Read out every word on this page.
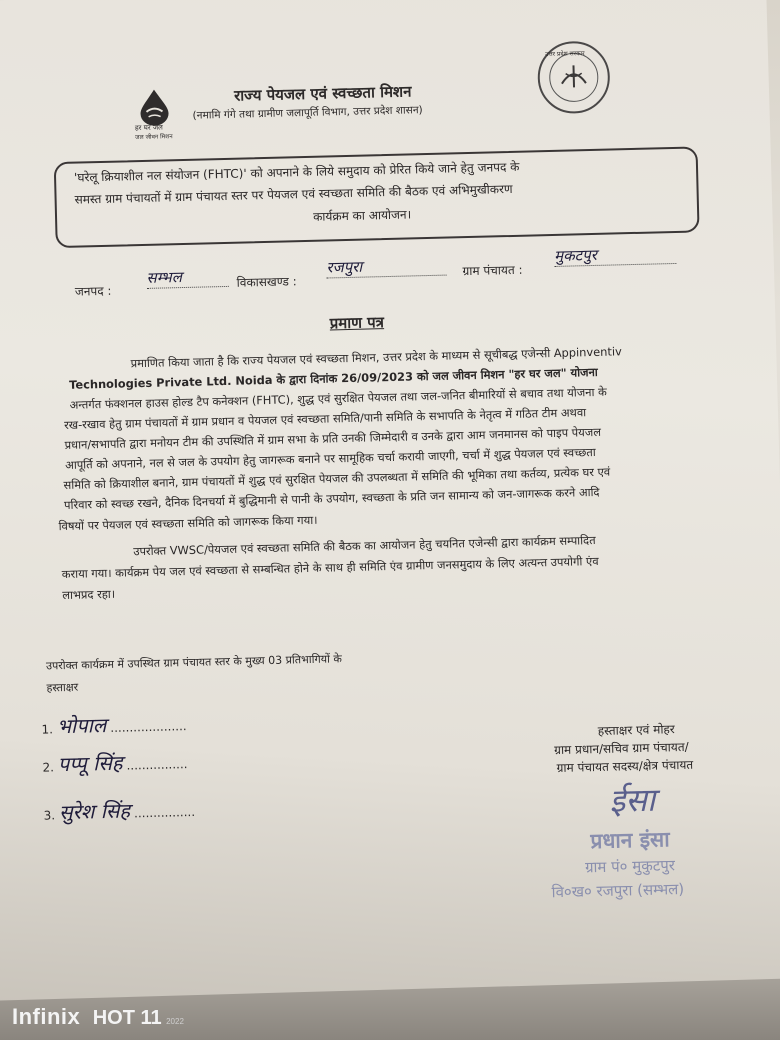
हर घर जल
जल जीवन मिशन
राज्य पेयजल एवं स्वच्छता मिशन
(नमामि गंगे तथा ग्रामीण जलापूर्ति विभाग, उत्तर प्रदेश शासन)
उत्तर प्रदेश सरकार
'घरेलू क्रियाशील नल संयोजन (FHTC)' को अपनाने के लिये समुदाय को प्रेरित किये जाने हेतु जनपद के
समस्त ग्राम पंचायतों में ग्राम पंचायत स्तर पर पेयजल एवं स्वच्छता समिति की बैठक एवं अभिमुखीकरण
कार्यक्रम का आयोजन।
जनपद :
सम्भल	विकासखण्ड :
रजपुरा	ग्राम पंचायत :
मुकटपुर
प्रमाण पत्र
प्रमाणित किया जाता है कि राज्य पेयजल एवं स्वच्छता मिशन, उत्तर प्रदेश के माध्यम से सूचीबद्ध एजेन्सी Appinventiv
Technologies Private Ltd. Noida के द्वारा दिनांक 26/09/2023 को जल जीवन मिशन "हर घर जल" योजना
अन्तर्गत फंक्शनल हाउस होल्ड टैप कनेक्शन (FHTC), शुद्ध एवं सुरक्षित पेयजल तथा जल-जनित बीमारियों से बचाव तथा योजना के
रख-रखाव हेतु ग्राम पंचायतों में ग्राम प्रधान व पेयजल एवं स्वच्छता समिति/पानी समिति के सभापति के नेतृत्व में गठित टीम अथवा
प्रधान/सभापति द्वारा मनोयन टीम की उपस्थिति में ग्राम सभा के प्रति उनकी जिम्मेदारी व उनके द्वारा आम जनमानस को पाइप पेयजल
आपूर्ति को अपनाने, नल से जल के उपयोग हेतु जागरूक बनाने पर सामूहिक चर्चा करायी जाएगी, चर्चा में शुद्ध पेयजल एवं स्वच्छता
समिति को क्रियाशील बनाने, ग्राम पंचायतों में शुद्ध एवं सुरक्षित पेयजल की उपलब्धता में समिति की भूमिका तथा कर्तव्य, प्रत्येक घर एवं
परिवार को स्वच्छ रखने, दैनिक दिनचर्या में बुद्धिमानी से पानी के उपयोग, स्वच्छता के प्रति जन सामान्य को जन-जागरूक करने आदि
विषयों पर पेयजल एवं स्वच्छता समिति को जागरूक किया गया।
उपरोक्त VWSC/पेयजल एवं स्वच्छता समिति की बैठक का आयोजन हेतु चयनित एजेन्सी द्वारा कार्यक्रम सम्पादित
कराया गया। कार्यक्रम पेय जल एवं स्वच्छता से सम्बन्धित होने के साथ ही समिति एंव ग्रामीण जनसमुदाय के लिए अत्यन्त उपयोगी एंव
लाभप्रद रहा।
उपरोक्त कार्यक्रम में उपस्थित ग्राम पंचायत स्तर के मुख्य 03 प्रतिभागियों के
हस्ताक्षर
1. भोपाल ....................
2. पप्पू सिंह ................
3. सुरेश सिंह ................
हस्ताक्षर एवं मोहर
ग्राम प्रधान/सचिव ग्राम पंचायत/
ग्राम पंचायत सदस्य/क्षेत्र पंचायत
ईसा
प्रधान इंसा
ग्राम पं० मुकुटपुर
वि०ख० रजपुरा (सम्भल)
Infinix HOT 11 2022
